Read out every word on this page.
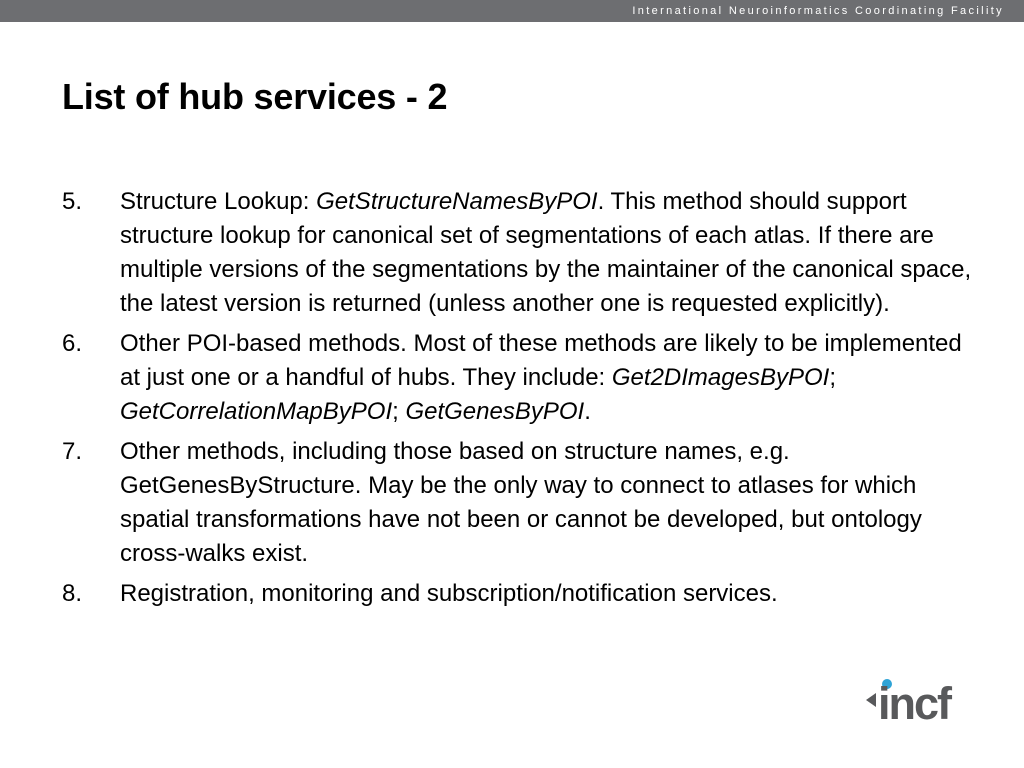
International Neuroinformatics Coordinating Facility
List of hub services - 2
5. Structure Lookup: GetStructureNamesByPOI. This method should support structure lookup for canonical set of segmentations of each atlas. If there are multiple versions of the segmentations by the maintainer of the canonical space, the latest version is returned (unless another one is requested explicitly).
6. Other POI-based methods. Most of these methods are likely to be implemented at just one or a handful of hubs. They include: Get2DImagesByPOI; GetCorrelationMapByPOI; GetGenesByPOI.
7. Other methods, including those based on structure names, e.g. GetGenesByStructure. May be the only way to connect to atlases for which spatial transformations have not been or cannot be developed, but ontology cross-walks exist.
8. Registration, monitoring and subscription/notification services.
incf
